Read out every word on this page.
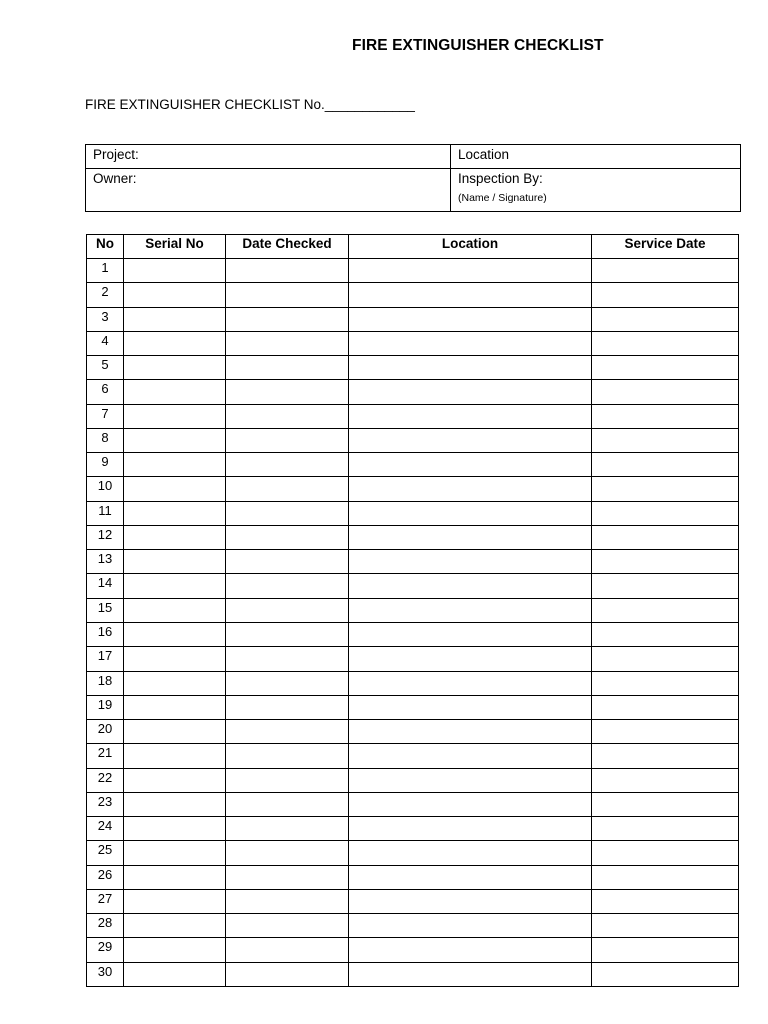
FIRE EXTINGUISHER CHECKLIST
FIRE EXTINGUISHER CHECKLIST No.____________
Project:	Location
Owner:	Inspection By:
(Name / Signature)
No	Serial No	Date Checked	Location	Service Date
1				
2				
3				
4				
5				
6				
7				
8				
9				
10				
11				
12				
13				
14				
15				
16				
17				
18				
19				
20				
21				
22				
23				
24				
25				
26				
27				
28				
29				
30				
